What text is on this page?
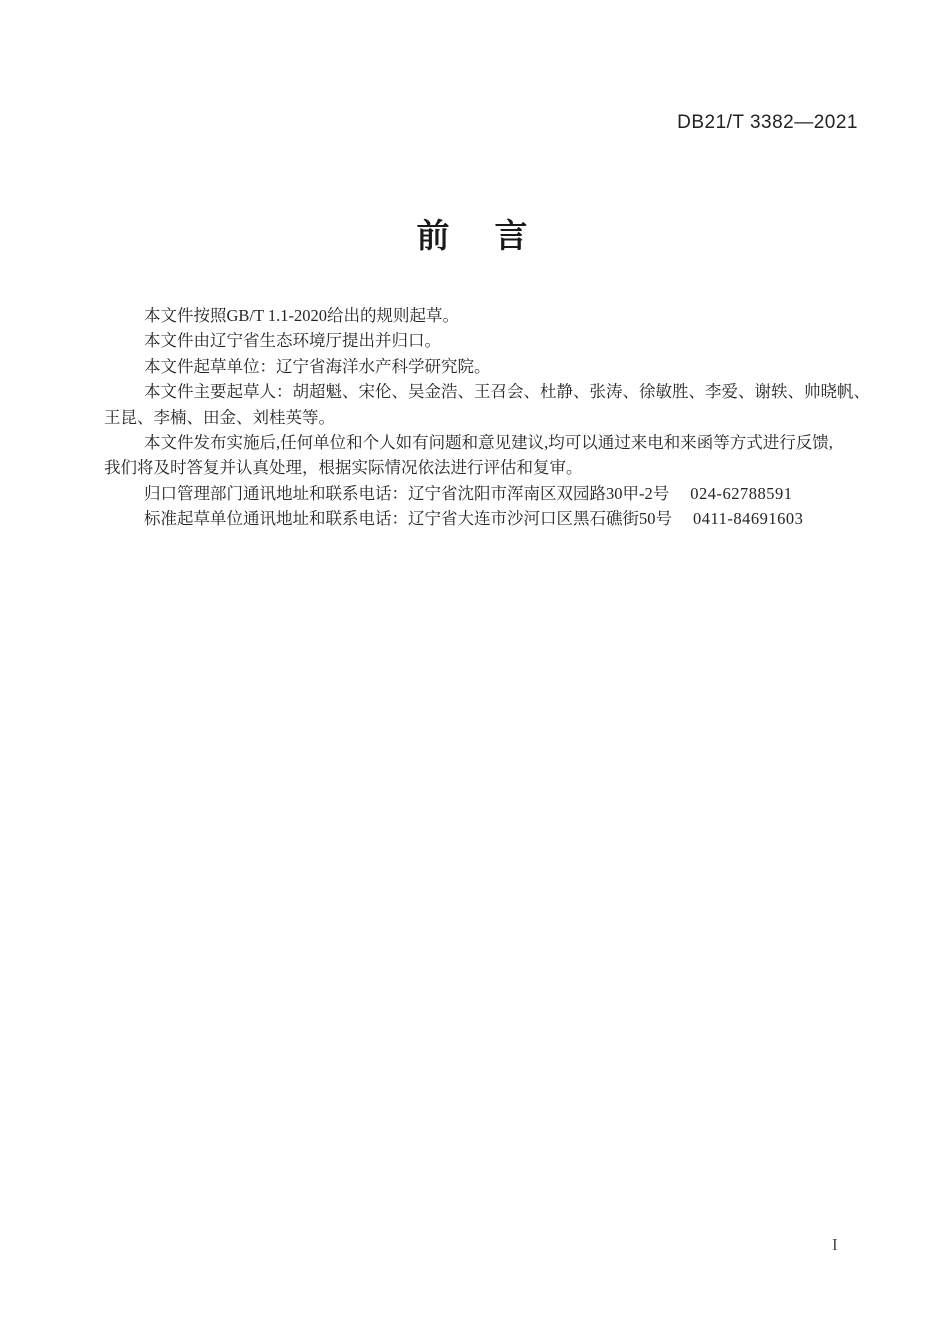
DB21/T 3382—2021
前　言
本文件按照GB/T 1.1-2020给出的规则起草。
本文件由辽宁省生态环境厅提出并归口。
本文件起草单位：辽宁省海洋水产科学研究院。
本文件主要起草人：胡超魁、宋伦、吴金浩、王召会、杜静、张涛、徐敏胜、李爱、谢轶、帅晓帆、
王昆、李楠、田金、刘桂英等。
本文件发布实施后,任何单位和个人如有问题和意见建议,均可以通过来电和来函等方式进行反馈,
我们将及时答复并认真处理，根据实际情况依法进行评估和复审。
归口管理部门通讯地址和联系电话：辽宁省沈阳市浑南区双园路30甲-2号 024-62788591
标准起草单位通讯地址和联系电话：辽宁省大连市沙河口区黑石礁街50号 0411-84691603
I
